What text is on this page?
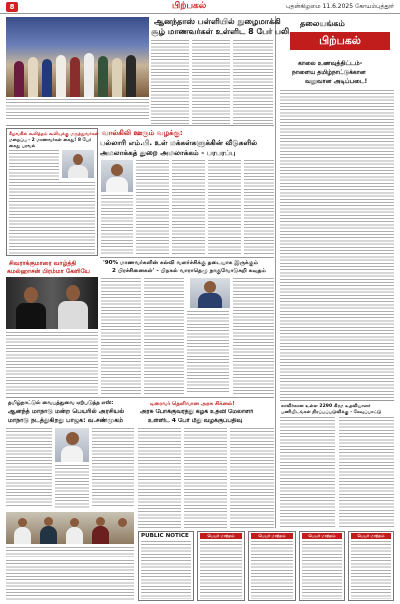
8	பிற்பகல்	புதன்கிழமை 11.6.2025 கோயம்புத்தூர்
ஆனந்தாஸ் பள்ளியில் நுழைமாக்கி
சூழ் மாணவர்கள் உள்ளிட 8 பேர் பலி
கீழவகில் கூலித்தம் கூலியுக்கு மருத்துவர்கள்
மறைப்பு - 2 மாணவர்கள் கைது! 8 பேர்
கைது பரவல்
வால்கிலி ஊரும் வழக்கு:
பல்லாரி எம்.பி. உள் மக்கள்களுக்கின் வீடுகளில்
அமலாக்கத் துறை அமலாக்கம் - பரபரப்பு
சிவராக்குமாரை வாழ்த்தி
கமல்ஹாசன் பிரம்மா கேளியே
'90% மாணவர்களின் கல்வி வளர்ச்சிக்கு தடையாக இருக்கும்
2 பிரச்சினைகள்' - பிறகல் வாராதெழு நாகுவோடுசுறி கவுதம்
தமிழ்நாட்டுல் வைபத்துவை ஏற்படுத்த எஸ்:
ஆனந்த் மாநாடு மன்ற பெயரில் அரசியல்
மாநாடு நடத்துகிறது பாஜக: வ.சண்முகம்
டிரைவர் தெளிவான அரசு சிக்னல்!
அரசு போக்குவரத்து கழக உதவி மேலாளர்
உள்ளிட 4 பேர் மீது வழக்குப்பதிவு
தலையங்கம்
பிற்பகல்
காலை உணவுத்திட்டம்-
நாளைய தமிழ்நாட்டுக்கான
வலுவான அடிப்படை!
காவிர்கான உள்ள 2290 கிரம உதவியாளர்
பணியிடங்கள் நிரப்பப்படுவிக்கு - கேவுப்பாட்டு
PUBLIC NOTICE	பெயர் மாற்றம்	பெயர் மாற்றம்	பெயர் மாற்றம்	பெயர் மாற்றம்
